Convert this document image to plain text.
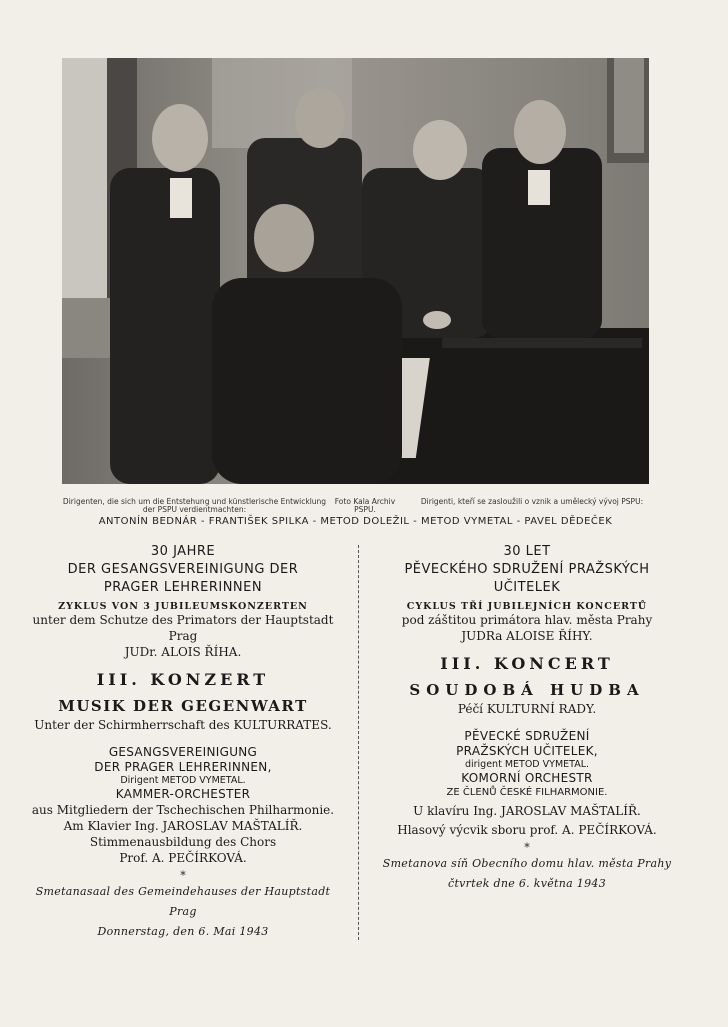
Dirigenten, die sich um die Entstehung und künstlerische Entwicklung der PSPU verdientmachten:
Foto Kala Archiv PSPU.
Dirigenti, kteří se zasloužili o vznik a umělecký vývoj PSPU:
ANTONÍN BEDNÁR - FRANTIŠEK SPILKA - METOD DOLEŽIL - METOD VYMETAL - PAVEL DĚDEČEK
30 JAHRE
DER GESANGSVEREINIGUNG DER
PRAGER LEHRERINNEN
ZYKLUS VON 3 JUBILEUMSKONZERTEN
unter dem Schutze des Primators der Hauptstadt Prag
JUDr. ALOIS ŘÍHA.
III. KONZERT
MUSIK DER GEGENWART
Unter der Schirmherrschaft des KULTURRATES.
GESANGSVEREINIGUNG
DER PRAGER LEHRERINNEN,
Dirigent METOD VYMETAL.
KAMMER-ORCHESTER
aus Mitgliedern der Tschechischen Philharmonie.
Am Klavier Ing. JAROSLAV MAŠTALÍŘ.
Stimmenausbildung des Chors
Prof. A. PEČÍRKOVÁ.
*
Smetanasaal des Gemeindehauses der Hauptstadt Prag
Donnerstag, den 6. Mai 1943
30 LET
PĚVECKÉHO SDRUŽENÍ PRAŽSKÝCH
UČITELEK
CYKLUS TŘÍ JUBILEJNÍCH KONCERTŮ
pod záštitou primátora hlav. města Prahy
JUDRa ALOISE ŘÍHY.
III. KONCERT
SOUDOBÁ HUDBA
Péčí KULTURNÍ RADY.
PĚVECKÉ SDRUŽENÍ
PRAŽSKÝCH UČITELEK,
dirigent METOD VYMETAL.
KOMORNÍ ORCHESTR
ZE ČLENŮ ČESKÉ FILHARMONIE.
U klavíru Ing. JAROSLAV MAŠTALÍŘ.
Hlasový výcvik sboru prof. A. PEČÍRKOVÁ.
*
Smetanova síň Obecního domu hlav. města Prahy
čtvrtek dne 6. května 1943
